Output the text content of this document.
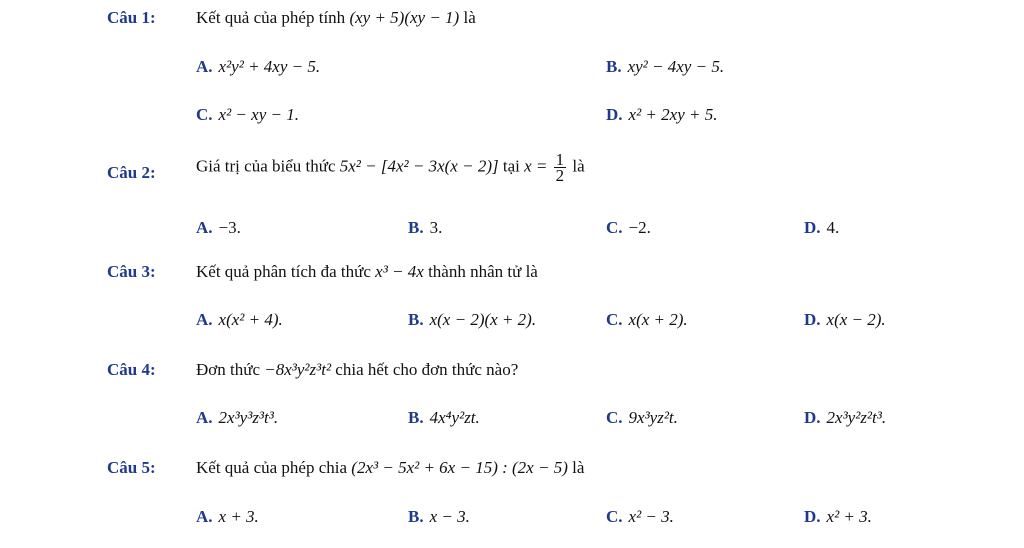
Câu 1: Kết quả của phép tính (xy + 5)(xy − 1) là
A. x²y² + 4xy − 5.	B. xy² − 4xy − 5.
C. x² − xy − 1.	D. x² + 2xy + 5.
Câu 2: Giá trị của biểu thức 5x² − [4x² − 3x(x − 2)] tại $x = \frac{1}{2}$ là
A. −3.	B. 3.	C. −2.	D. 4.
Câu 3: Kết quả phân tích đa thức x³ − 4x thành nhân tử là
A. x(x² + 4).	B. x(x − 2)(x + 2).	C. x(x + 2).	D. x(x − 2).
Câu 4: Đơn thức −8x³y²z³t² chia hết cho đơn thức nào?
A. 2x³y³z³t³.	B. 4x⁴y²zt.	C. 9x³yz²t.	D. 2x³y²z²t³.
Câu 5: Kết quả của phép chia (2x³ − 5x² + 6x − 15) : (2x − 5) là
A. x + 3.	B. x − 3.	C. x² − 3.	D. x² + 3.
